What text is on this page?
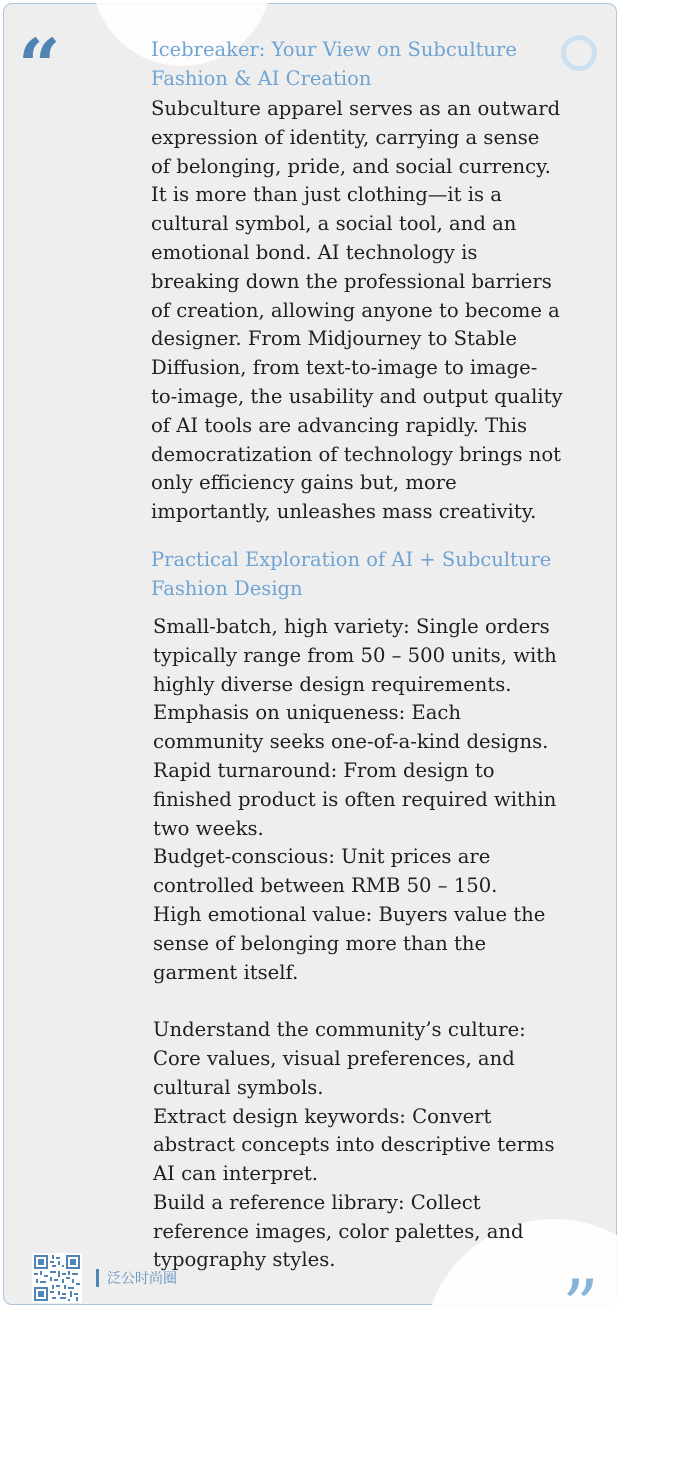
“
”
Icebreaker: Your View on Subculture Fashion & AI Creation

Subculture apparel serves as an outward expression of identity, carrying a sense of belonging, pride, and social currency. It is more than just clothing—it is a cultural symbol, a social tool, and an emotional bond. AI technology is breaking down the professional barriers of creation, allowing anyone to become a designer. From Midjourney to Stable Diffusion, from text-to-image to image-to-image, the usability and output quality of AI tools are advancing rapidly. This democratization of technology brings not only efficiency gains but, more importantly, unleashes mass creativity.

Practical Exploration of AI + Subculture Fashion Design
Small-batch, high variety: Single orders typically range from 50 – 500 units, with highly diverse design requirements.
Emphasis on uniqueness: Each community seeks one-of-a-kind designs.
Rapid turnaround: From design to finished product is often required within two weeks.
Budget-conscious: Unit prices are controlled between RMB 50 – 150.
High emotional value: Buyers value the sense of belonging more than the garment itself.
Understand the community’s culture: Core values, visual preferences, and cultural symbols.
Extract design keywords: Convert abstract concepts into descriptive terms AI can interpret.
Build a reference library: Collect reference images, color palettes, and typography styles.
泛公时尚圈
